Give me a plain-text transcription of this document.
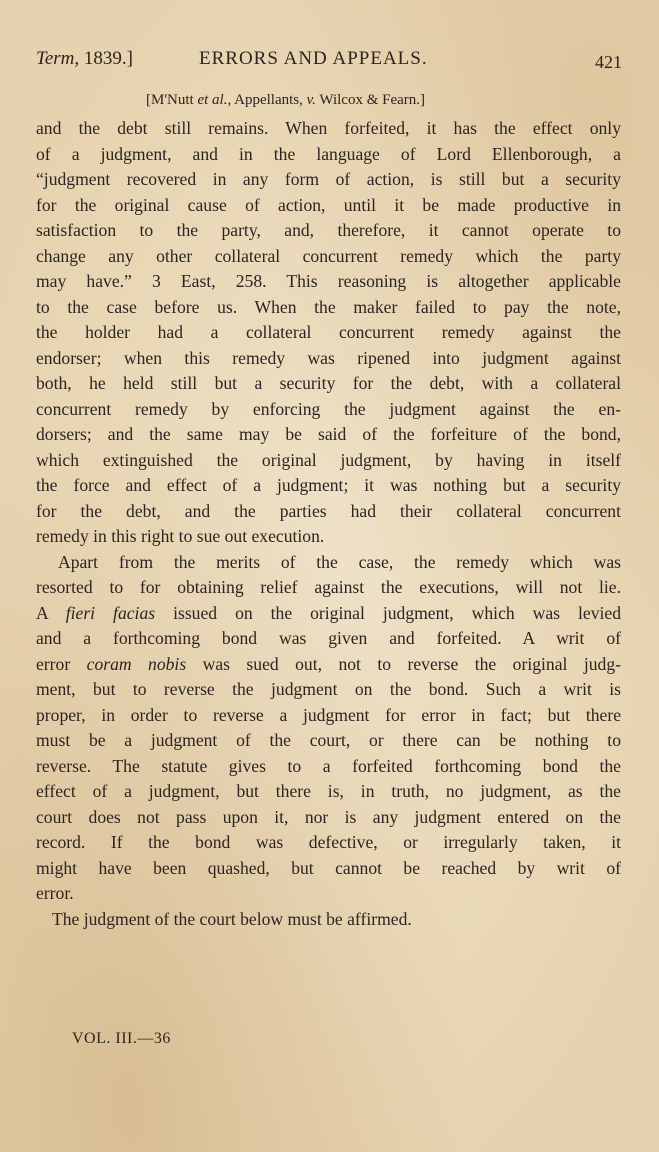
Term, 1839.]	ERRORS AND APPEALS.	421
[M'Nutt et al., Appellants, v. Wilcox & Fearn.]
and the debt still remains. When forfeited, it has the effect only
of a judgment, and in the language of Lord Ellenborough, a
“judgment recovered in any form of action, is still but a security
for the original cause of action, until it be made productive in
satisfaction to the party, and, therefore, it cannot operate to
change any other collateral concurrent remedy which the party
may have.” 3 East, 258. This reasoning is altogether applicable
to the case before us. When the maker failed to pay the note,
the holder had a collateral concurrent remedy against the
endorser; when this remedy was ripened into judgment against
both, he held still but a security for the debt, with a collateral
concurrent remedy by enforcing the judgment against the en-
dorsers; and the same may be said of the forfeiture of the bond,
which extinguished the original judgment, by having in itself
the force and effect of a judgment; it was nothing but a security
for the debt, and the parties had their collateral concurrent
remedy in this right to sue out execution.
Apart from the merits of the case, the remedy which was
resorted to for obtaining relief against the executions, will not lie.
A fieri facias issued on the original judgment, which was levied
and a forthcoming bond was given and forfeited. A writ of
error coram nobis was sued out, not to reverse the original judg-
ment, but to reverse the judgment on the bond. Such a writ is
proper, in order to reverse a judgment for error in fact; but there
must be a judgment of the court, or there can be nothing to
reverse. The statute gives to a forfeited forthcoming bond the
effect of a judgment, but there is, in truth, no judgment, as the
court does not pass upon it, nor is any judgment entered on the
record. If the bond was defective, or irregularly taken, it
might have been quashed, but cannot be reached by writ of
error.
The judgment of the court below must be affirmed.
VOL. III.—36
